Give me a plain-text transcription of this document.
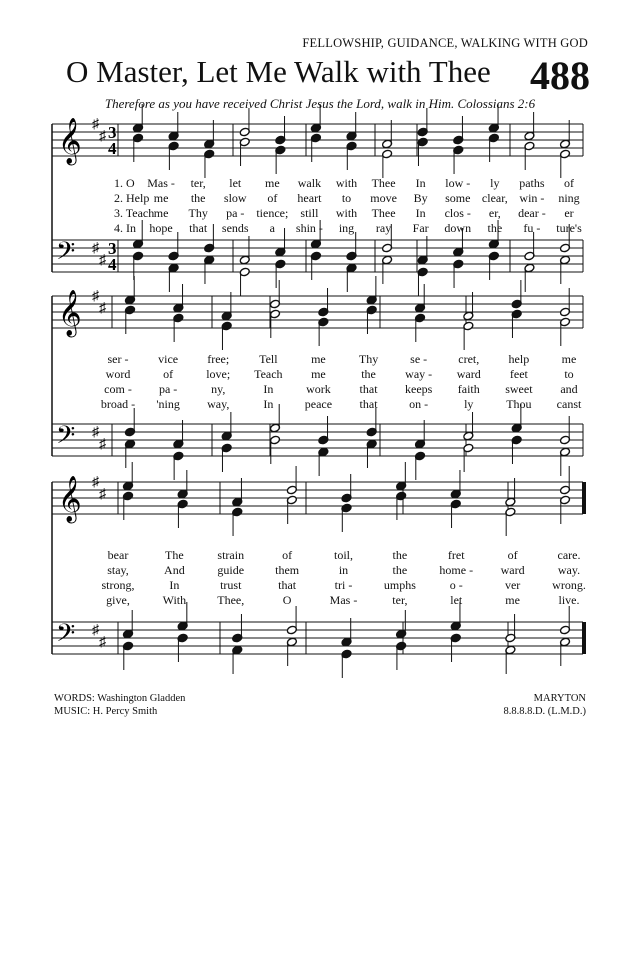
FELLOWSHIP, GUIDANCE, WALKING WITH GOD
O Master, Let Me Walk with Thee 488
Therefore as you have received Christ Jesus the Lord, walk in Him. Colossians 2:6
𝄞
𝄢
♯
♯
♯
♯
3
4
3
4
𝄞
𝄢
♯
♯
♯
♯
𝄞
𝄢
♯
♯
♯
♯
1. O Mas - ter, let me walk with Thee In low - ly paths of
2. Help me the slow of heart to move By some clear, win - ning
3. Teach me Thy pa - tience; still with Thee In clos - er, dear - er
4. In hope that sends a shin - ing ray Far down the fu - ture's
ser - vice free; Tell	me	Thy	se -	cret, help	me
word	of	love; Teach me	the way - ward feet	to
com - pa -	ny,	In	work that keeps faith sweet and
broad - 'ning way,	In	peace that	on -	ly	Thou canst
bear	The	strain	of	toil,	the	fret	of	care.
stay,	And	guide	them	in	the	home - ward	way.
strong,	In	trust	that	tri -	umphs	o -	ver	wrong.
give,	With	Thee,	O	Mas -	ter,	let	me	live.
WORDS: Washington Gladden
MUSIC: H. Percy Smith
MARYTON
8.8.8.8.D. (L.M.D.)
